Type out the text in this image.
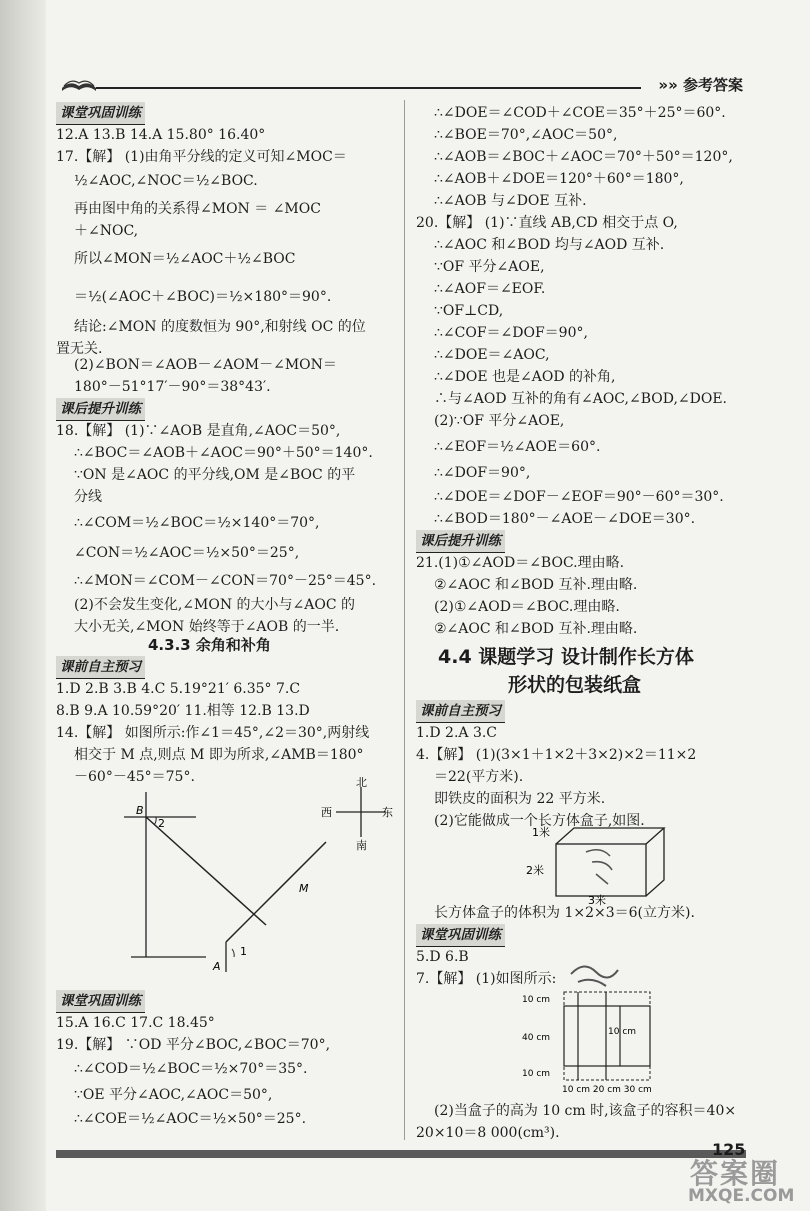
»» 参考答案
课堂巩固训练
12.A 13.B 14.A 15.80° 16.40°
17.【解】 (1)由角平分线的定义可知∠MOC＝
½∠AOC,∠NOC＝½∠BOC.
再由图中角的关系得∠MON ＝ ∠MOC
＋∠NOC,
所以∠MON＝½∠AOC＋½∠BOC
＝½(∠AOC＋∠BOC)＝½×180°＝90°.
结论:∠MON 的度数恒为 90°,和射线 OC 的位
置无关.
(2)∠BON＝∠AOB－∠AOM－∠MON＝
180°－51°17′－90°＝38°43′.
课后提升训练
18.【解】 (1)∵∠AOB 是直角,∠AOC＝50°,
∴∠BOC＝∠AOB＋∠AOC＝90°＋50°＝140°.
∵ON 是∠AOC 的平分线,OM 是∠BOC 的平
分线
∴∠COM＝½∠BOC＝½×140°＝70°,
∠CON＝½∠AOC＝½×50°＝25°,
∴∠MON＝∠COM－∠CON＝70°－25°＝45°.
(2)不会发生变化,∠MON 的大小与∠AOC 的
大小无关,∠MON 始终等于∠AOB 的一半.
4.3.3 余角和补角
课前自主预习
1.D 2.B 3.B 4.C 5.19°21′ 6.35° 7.C
8.B 9.A 10.59°20′ 11.相等 12.B 13.D
14.【解】 如图所示:作∠1＝45°,∠2＝30°,两射线
相交于 M 点,则点 M 即为所求,∠AMB＝180°
－60°－45°＝75°.	北
南
西	东
B
2
A
1
M
课堂巩固训练
15.A 16.C 17.C 18.45°
19.【解】 ∵OD 平分∠BOC,∠BOC＝70°,
∴∠COD＝½∠BOC＝½×70°＝35°.
∵OE 平分∠AOC,∠AOC＝50°,
∴∠COE＝½∠AOC＝½×50°＝25°.
∴∠DOE＝∠COD＋∠COE＝35°＋25°＝60°.
∴∠BOE＝70°,∠AOC＝50°,
∴∠AOB＝∠BOC＋∠AOC＝70°＋50°＝120°,
∴∠AOB＋∠DOE＝120°＋60°＝180°,
∴∠AOB 与∠DOE 互补.
20.【解】 (1)∵直线 AB,CD 相交于点 O,
∴∠AOC 和∠BOD 均与∠AOD 互补.
∵OF 平分∠AOE,
∴∠AOF＝∠EOF.
∵OF⊥CD,
∴∠COF＝∠DOF＝90°,
∴∠DOE＝∠AOC,
∴∠DOE 也是∠AOD 的补角,
∴与∠AOD 互补的角有∠AOC,∠BOD,∠DOE.
(2)∵OF 平分∠AOE,
∴∠EOF＝½∠AOE＝60°.
∴∠DOF＝90°,
∴∠DOE＝∠DOF－∠EOF＝90°－60°＝30°.
∴∠BOD＝180°－∠AOE－∠DOE＝30°.
课后提升训练
21.(1)①∠AOD＝∠BOC.理由略.
②∠AOC 和∠BOD 互补.理由略.
(2)①∠AOD＝∠BOC.理由略.
②∠AOC 和∠BOD 互补.理由略.
4.4 课题学习 设计制作长方体
形状的包装纸盒
课前自主预习
1.D 2.A 3.C
4.【解】 (1)(3×1＋1×2＋3×2)×2＝11×2
＝22(平方米).
即铁皮的面积为 22 平方米.
(2)它能做成一个长方体盒子,如图.
1米
2米
3米
长方体盒子的体积为 1×2×3＝6(立方米).
课堂巩固训练
5.D 6.B
7.【解】 (1)如图所示:
10 cm
40 cm
10 cm
10 cm
10 cm 20 cm 30 cm
(2)当盒子的高为 10 cm 时,该盒子的容积＝40×
20×10＝8 000(cm³).
125
答案圈
MXQE.COM
